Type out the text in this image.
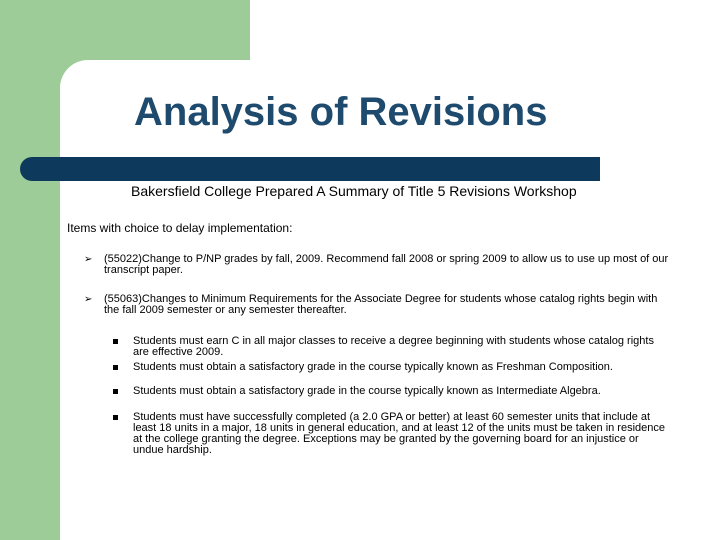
Analysis of Revisions
Bakersfield College Prepared A Summary of Title 5 Revisions Workshop
Items with choice to delay implementation:
➢ (55022)Change to P/NP grades by fall, 2009. Recommend fall 2008 or spring 2009 to allow us to use up most of our transcript paper.
➢ (55063)Changes to Minimum Requirements for the Associate Degree for students whose catalog rights begin with the fall 2009 semester or any semester thereafter.
Students must earn C in all major classes to receive a degree beginning with students whose catalog rights are effective 2009.
Students must obtain a satisfactory grade in the course typically known as Freshman Composition.
Students must obtain a satisfactory grade in the course typically known as Intermediate Algebra.
Students must have successfully completed (a 2.0 GPA or better) at least 60 semester units that include at least 18 units in a major, 18 units in general education, and at least 12 of the units must be taken in residence at the college granting the degree. Exceptions may be granted by the governing board for an injustice or undue hardship.
